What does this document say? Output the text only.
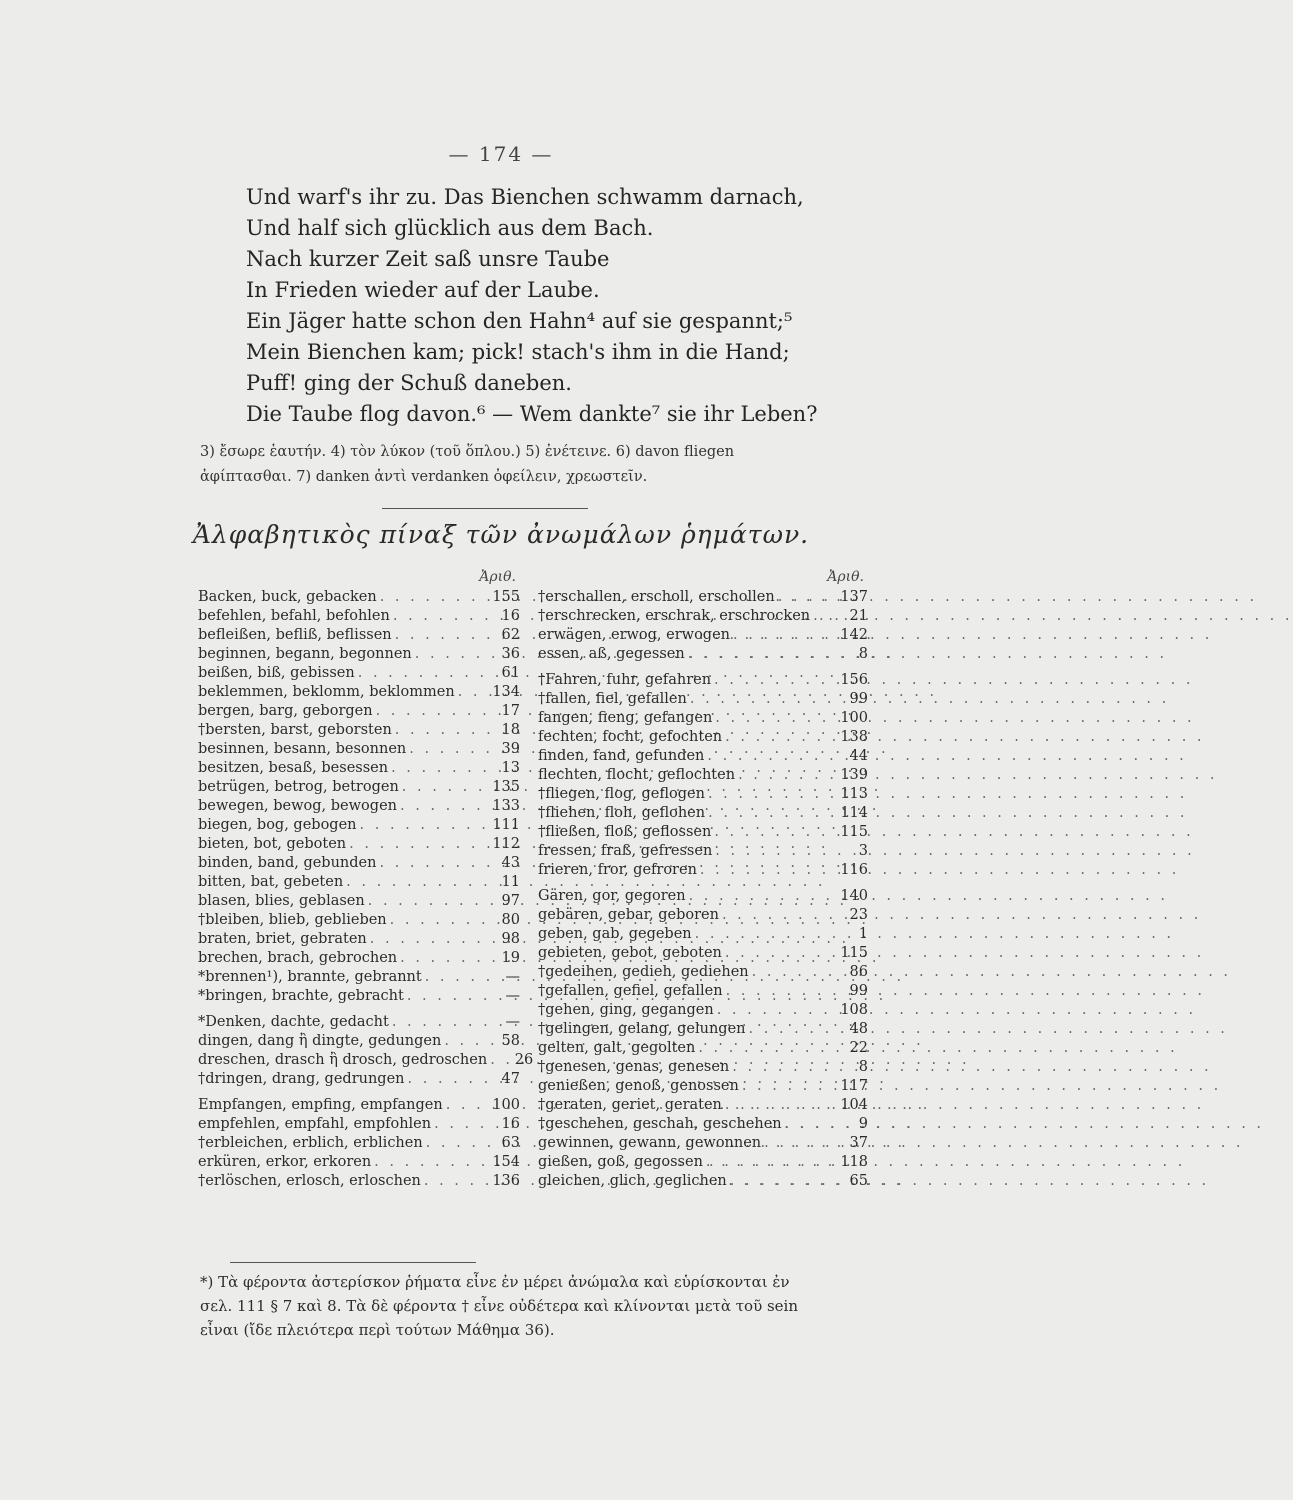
— 174 —
Und warf's ihr zu. Das Bienchen schwamm darnach,
Und half sich glücklich aus dem Bach.
Nach kurzer Zeit saß unsre Taube
In Frieden wieder auf der Laube.
Ein Jäger hatte schon den Hahn⁴ auf sie gespannt;⁵
Mein Bienchen kam; pick! stach's ihm in die Hand;
Puff! ging der Schuß daneben.
Die Taube flog davon.⁶ — Wem dankte⁷ sie ihr Leben?
3) ἔσωρε ἑαυτήν. 4) τὸν λύκον (τοῦ ὅπλου.) 5) ἐνέτεινε. 6) davon fliegen
ἀφίπτασθαι. 7) danken ἀντὶ verdanken ὀφείλειν, χρεωστεῖν.
Ἀλφαβητικὸς πίναξ τῶν ἀνωμάλων ῥημάτων.
Ἀριθ.
Backen, buck, gebacken . . .	155
befehlen, befahl, befohlen . . .	16
befleißen, befliß, beflissen . . .	62
beginnen, begann, begonnen . . .	36
beißen, biß, gebissen . . .	61
beklemmen, beklomm, beklommen . . .	134
bergen, barg, geborgen . . .	17
†bersten, barst, geborsten . . .	18
besinnen, besann, besonnen . . .	39
besitzen, besaß, besessen . . .	13
betrügen, betrog, betrogen . . .	135
bewegen, bewog, bewogen . . .	133
biegen, bog, gebogen . . .	111
bieten, bot, geboten . . .	112
binden, band, gebunden . . .	43
bitten, bat, gebeten . . .	11
blasen, blies, geblasen . . .	97
†bleiben, blieb, geblieben . . .	80
braten, briet, gebraten . . .	98
brechen, brach, gebrochen . . .	19
*brennen¹), brannte, gebrannt . . .	—
*bringen, brachte, gebracht . . .	—
*Denken, dachte, gedacht . . .	—
dingen, dang ἢ dingte, gedungen . . .	58
dreschen, drasch ἢ drosch, gedroschen . . .	26
†dringen, drang, gedrungen . . .	47
Empfangen, empfing, empfangen . . .	100
empfehlen, empfahl, empfohlen . . .	16
†erbleichen, erblich, erblichen . . .	63
erküren, erkor, erkoren . . .	154
†erlöschen, erlosch, erloschen . . .	136
Ἀριθ.
†erschallen, erscholl, erschollen . . .	137
†erschrecken, erschrak, erschrocken . . .	21
erwägen, erwog, erwogen . . .	142
essen, aß, gegessen . . .	8
†Fahren, fuhr, gefahren . . .	156
†fallen, fiel, gefallen . . .	99
fangen, fieng, gefangen . . .	100
fechten, focht, gefochten . . .	138
finden, fand, gefunden . . .	44
flechten, flocht, geflochten . . .	139
†fliegen, flog, geflogen . . .	113
†fliehen, floh, geflohen . . .	114
†fließen, floß, geflossen . . .	115
fressen, fraß, gefressen . . .	3
frieren, fror, gefroren . . .	116
Gären, gor, gegoren . . .	140
gebären, gebar, geboren . . .	23
geben, gab, gegeben . . .	1
gebieten, gebot, geboten . . .	115
†gedeihen, gedieh, gediehen . . .	86
†gefallen, gefiel, gefallen . . .	99
†gehen, ging, gegangen . . .	108
†gelingen, gelang, gelungen . . .	48
gelten, galt, gegolten . . .	22
†genesen, genas, genesen . . .	8
genießen, genoß, genossen . . .	117
†geraten, geriet, geraten . . .	104
†geschehen, geschah, geschehen . . .	9
gewinnen, gewann, gewonnen . . .	37
gießen, goß, gegossen . . .	118
gleichen, glich, geglichen . . .	65
*) Τὰ φέροντα ἀστερίσκον ῥήματα εἶνε ἐν μέρει ἀνώμαλα καὶ εὑρίσκονται ἐν
σελ. 111 § 7 καὶ 8. Τὰ δὲ φέροντα † εἶνε οὐδέτερα καὶ κλίνονται μετὰ τοῦ sein
εἶναι (ἴδε πλειότερα περὶ τούτων Μάθημα 36).
